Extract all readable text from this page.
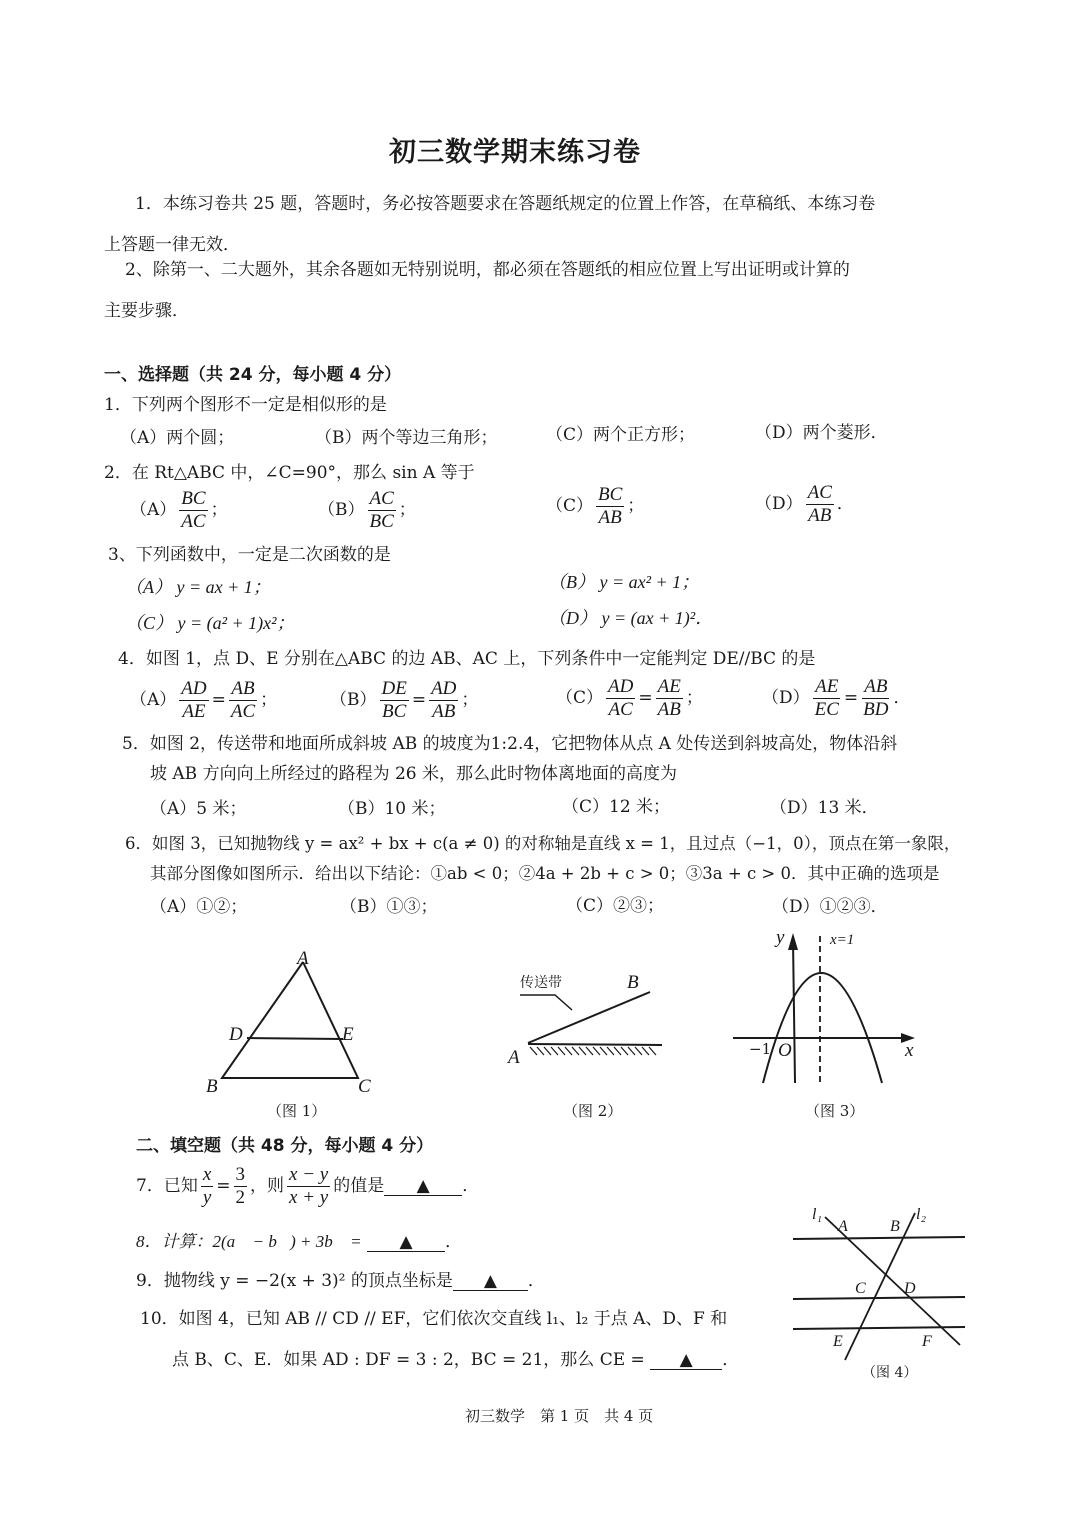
初三数学期末练习卷
1．本练习卷共 25 题，答题时，务必按答题要求在答题纸规定的位置上作答，在草稿纸、本练习卷
上答题一律无效．
2、除第一、二大题外，其余各题如无特别说明，都必须在答题纸的相应位置上写出证明或计算的
主要步骤．
一、选择题（共 24 分，每小题 4 分）
1．下列两个图形不一定是相似形的是
（A）两个圆；	（B）两个等边三角形；	（C）两个正方形；	（D）两个菱形．
2．在 Rt△ABC 中，∠C=90°，那么 sin A 等于
$(A) \frac{BC}{AC}$ ；	$(B) \frac{AC}{BC}$ ；	$(C) \frac{BC}{AB}$ ；	$(D) \frac{AC}{AB}$ ．
3、下列函数中，一定是二次函数的是
（A） y = ax + 1；	（B） y = ax² + 1；
（C） y = (a² + 1)x²；	（D） y = (ax + 1)²．
4．如图 1，点 D、E 分别在△ABC 的边 AB、AC 上，下列条件中一定能判定 DE//BC 的是
$(A) \frac{AD}{AE} = \frac{AB}{AC}$ ；	$(B) \frac{DE}{BC} = \frac{AD}{AB}$ ；	$(C) \frac{AD}{AC} = \frac{AE}{AB}$ ；	$(D) \frac{AE}{EC} = \frac{AB}{BD}$ ．
5．如图 2，传送带和地面所成斜坡 AB 的坡度为1:2.4，它把物体从点 A 处传送到斜坡高处，物体沿斜
坡 AB 方向向上所经过的路程为 26 米，那么此时物体离地面的高度为
（A）5 米；	（B）10 米；	（C）12 米；	（D）13 米．
6．如图 3，已知抛物线 y = ax² + bx + c(a ≠ 0) 的对称轴是直线 x = 1，且过点（−1，0），顶点在第一象限，
其部分图像如图所示．给出以下结论：①ab < 0；②4a + 2b + c > 0；③3a + c > 0．其中正确的选项是
（A）①②；	（B）①③；	（C）②③；	（D）①②③．
A
D	E
B	C
（图 1）
传送带	B
A
（图 2）
y	x=1
−1 O	x
（图 3）
二、填空题（共 48 分，每小题 4 分）
7．已知 $\frac{x}{y} = \frac{3}{2}$ ，则 $\frac{x - y}{x + y}$ 的值是 ▲ ．
8．计算：2(a⃗ − b⃗) + 3b⃗ = ▲ ．
9．抛物线 y = −2(x + 3)² 的顶点坐标是 ▲ ．
10．如图 4，已知 AB // CD // EF，它们依次交直线 l₁、l₂ 于点 A、D、F 和
点 B、C、E．如果 AD : DF = 3 : 2，BC = 21，那么 CE = ▲ ．
l₁
A	B
l₂
C D
E	F
（图 4）
初三数学　第 1 页　共 4 页
